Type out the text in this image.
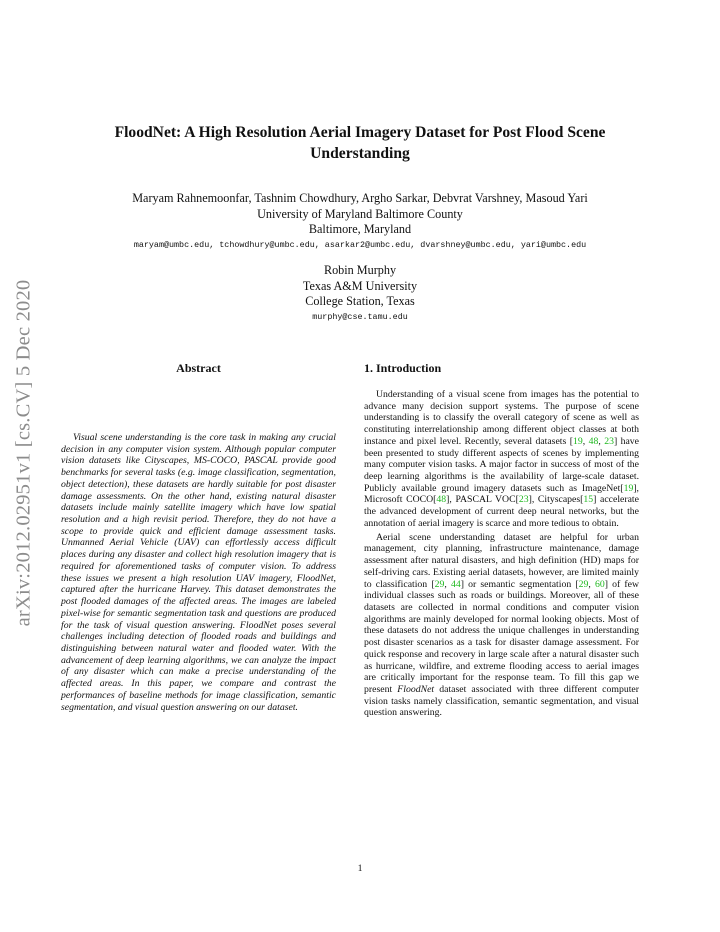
arXiv:2012.02951v1 [cs.CV] 5 Dec 2020
FloodNet: A High Resolution Aerial Imagery Dataset for Post Flood Scene
Understanding
Maryam Rahnemoonfar, Tashnim Chowdhury, Argho Sarkar, Debvrat Varshney, Masoud Yari
University of Maryland Baltimore County
Baltimore, Maryland
maryam@umbc.edu, tchowdhury@umbc.edu, asarkar2@umbc.edu, dvarshney@umbc.edu, yari@umbc.edu
Robin Murphy
Texas A&M University
College Station, Texas
murphy@cse.tamu.edu
Abstract

Visual scene understanding is the core task in making any crucial decision in any computer vision system. Although popular computer vision datasets like Cityscapes, MS-COCO, PASCAL provide good benchmarks for several tasks (e.g. image classification, segmentation, object detection), these datasets are hardly suitable for post disaster damage assessments. On the other hand, existing natural disaster datasets include mainly satellite imagery which have low spatial resolution and a high revisit period. Therefore, they do not have a scope to provide quick and efficient damage assessment tasks. Unmanned Aerial Vehicle (UAV) can effortlessly access difficult places during any disaster and collect high resolution imagery that is required for aforementioned tasks of computer vision. To address these issues we present a high resolution UAV imagery, FloodNet, captured after the hurricane Harvey. This dataset demonstrates the post flooded damages of the affected areas. The images are labeled pixel-wise for semantic segmentation task and questions are produced for the task of visual question answering. FloodNet poses several challenges including detection of flooded roads and buildings and distinguishing between natural water and flooded water. With the advancement of deep learning algorithms, we can analyze the impact of any disaster which can make a precise understanding of the affected areas. In this paper, we compare and contrast the performances of baseline methods for image classification, semantic segmentation, and visual question answering on our dataset.

1. Introduction

Understanding of a visual scene from images has the potential to advance many decision support systems. The purpose of scene understanding is to classify the overall category of scene as well as constituting interrelationship among different object classes at both instance and pixel level. Recently, several datasets [19, 48, 23] have been presented to study different aspects of scenes by implementing many computer vision tasks. A major factor in success of most of the deep learning algorithms is the availability of large-scale dataset. Publicly available ground imagery datasets such as ImageNet[19], Microsoft COCO[48], PASCAL VOC[23], Cityscapes[15] accelerate the advanced development of current deep neural networks, but the annotation of aerial imagery is scarce and more tedious to obtain.

Aerial scene understanding dataset are helpful for urban management, city planning, infrastructure maintenance, damage assessment after natural disasters, and high definition (HD) maps for self-driving cars. Existing aerial datasets, however, are limited mainly to classification [29, 44] or semantic segmentation [29, 60] of few individual classes such as roads or buildings. Moreover, all of these datasets are collected in normal conditions and computer vision algorithms are mainly developed for normal looking objects. Most of these datasets do not address the unique challenges in understanding post disaster scenarios as a task for disaster damage assessment. For quick response and recovery in large scale after a natural disaster such as hurricane, wildfire, and extreme flooding access to aerial images are critically important for the response team. To fill this gap we present FloodNet dataset associated with three different computer vision tasks namely classification, semantic segmentation, and visual question answering.

1
